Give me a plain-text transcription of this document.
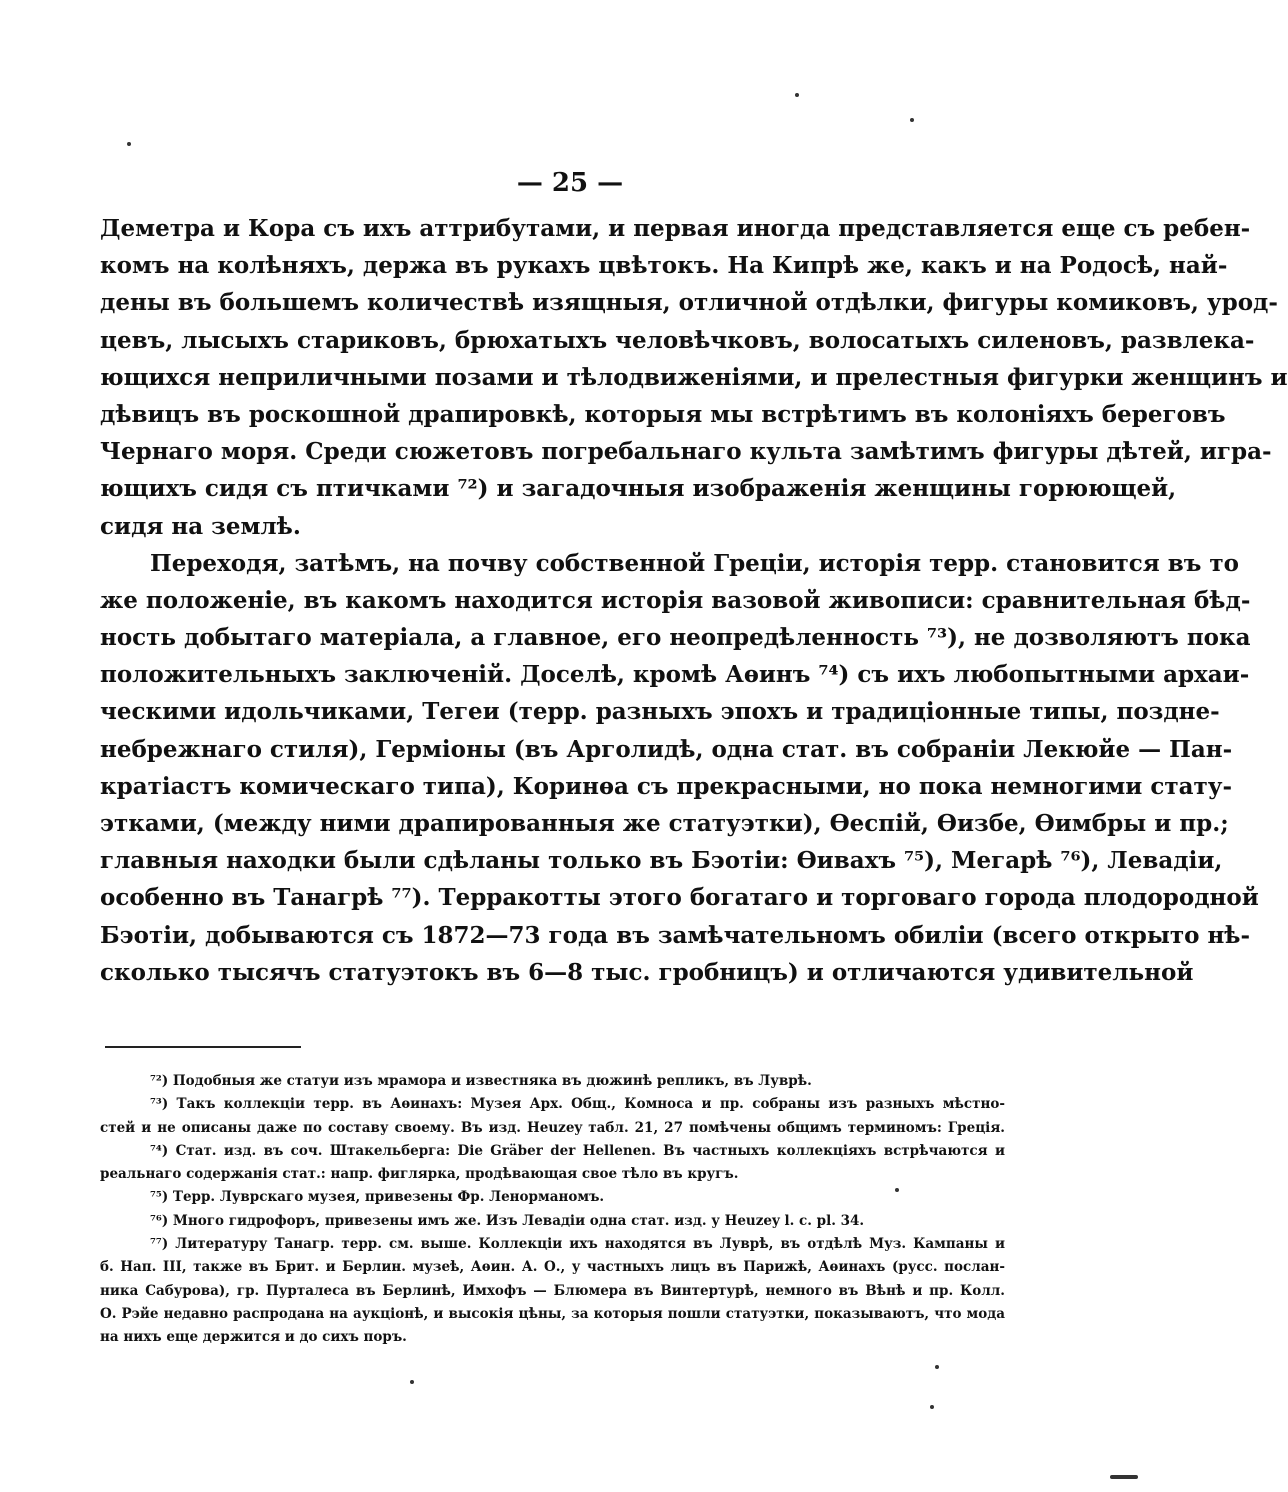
— 25 —
Деметра и Кора съ ихъ аттрибутами, и первая иногда представляется еще съ ребен-
комъ на колѣняхъ, держа въ рукахъ цвѣтокъ. На Кипрѣ же, какъ и на Родосѣ, най-
дены въ большемъ количествѣ изящныя, отличной отдѣлки, фигуры комиковъ, урод-
цевъ, лысыхъ стариковъ, брюхатыхъ человѣчковъ, волосатыхъ силеновъ, развлека-
ющихся неприличными позами и тѣлодвиженіями, и прелестныя фигурки женщинъ и
дѣвицъ въ роскошной драпировкѣ, которыя мы встрѣтимъ въ колоніяхъ береговъ
Чернаго моря. Среди сюжетовъ погребальнаго культа замѣтимъ фигуры дѣтей, игра-
ющихъ сидя съ птичками ⁷²) и загадочныя изображенія женщины горюющей,
сидя на землѣ.
Переходя, затѣмъ, на почву собственной Греціи, исторія терр. становится въ то
же положеніе, въ какомъ находится исторія вазовой живописи: сравнительная бѣд-
ность добытаго матеріала, а главное, его неопредѣленность ⁷³), не дозволяютъ пока
положительныхъ заключеній. Доселѣ, кромѣ Аѳинъ ⁷⁴) съ ихъ любопытными архаи-
ческими идольчиками, Тегеи (терр. разныхъ эпохъ и традиціонные типы, поздне-
небрежнаго стиля), Герміоны (въ Арголидѣ, одна стат. въ собраніи Лекюйе — Пан-
кратіастъ комическаго типа), Коринѳа съ прекрасными, но пока немногими стату-
этками, (между ними драпированныя же статуэтки), Ѳеспій, Ѳизбе, Ѳимбры и пр.;
главныя находки были сдѣланы только въ Бэотіи: Ѳивахъ ⁷⁵), Мегарѣ ⁷⁶), Левадіи,
особенно въ Танагрѣ ⁷⁷). Терракотты этого богатаго и торговаго города плодородной
Бэотіи, добываются съ 1872—73 года въ замѣчательномъ обиліи (всего открыто нѣ-
сколько тысячъ статуэтокъ въ 6—8 тыс. гробницъ) и отличаются удивительной
⁷²) Подобныя же статуи изъ мрамора и известняка въ дюжинѣ репликъ, въ Луврѣ.
⁷³) Такъ коллекціи терр. въ Аѳинахъ: Музея Арх. Общ., Комноса и пр. собраны изъ разныхъ мѣстно-
стей и не описаны даже по составу своему. Въ изд. Heuzey табл. 21, 27 помѣчены общимъ терминомъ: Греція.
⁷⁴) Стат. изд. въ соч. Штакельберга: Die Gräber der Hellenen. Въ частныхъ коллекціяхъ встрѣчаются и
реальнаго содержанія стат.: напр. фиглярка, продѣвающая свое тѣло въ кругъ.
⁷⁵) Терр. Луврскаго музея, привезены Фр. Ленорманомъ.
⁷⁶) Много гидрофоръ, привезены имъ же. Изъ Левадіи одна стат. изд. у Heuzey l. c. pl. 34.
⁷⁷) Литературу Танагр. терр. см. выше. Коллекціи ихъ находятся въ Луврѣ, въ отдѣлѣ Муз. Кампаны и
б. Нап. III, также въ Брит. и Берлин. музеѣ, Аѳин. А. О., у частныхъ лицъ въ Парижѣ, Аѳинахъ (русс. послан-
ника Сабурова), гр. Пурталеса въ Берлинѣ, Имхофъ — Блюмера въ Винтертурѣ, немного въ Вѣнѣ и пр. Колл.
О. Рэйе недавно распродана на аукціонѣ, и высокія цѣны, за которыя пошли статуэтки, показываютъ, что мода
на нихъ еще держится и до сихъ поръ.
